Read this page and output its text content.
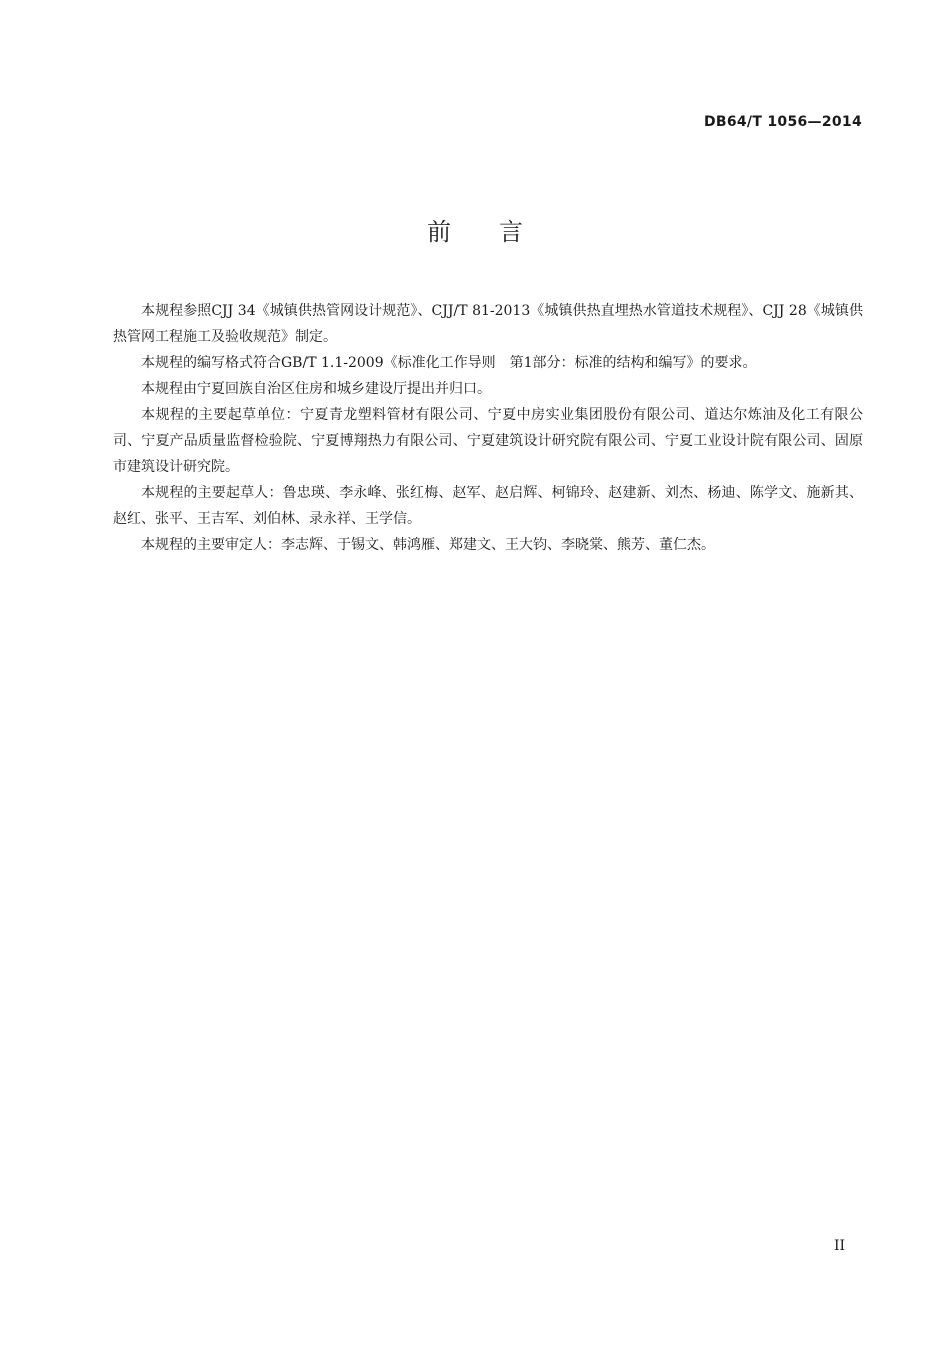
DB64/T 1056—2014
前言

本规程参照CJJ 34《城镇供热管网设计规范》、CJJ/T 81-2013《城镇供热直埋热水管道技术规程》、CJJ 28《城镇供热管网工程施工及验收规范》制定。

本规程的编写格式符合GB/T 1.1-2009《标准化工作导则　第1部分：标准的结构和编写》的要求。

本规程由宁夏回族自治区住房和城乡建设厅提出并归口。

本规程的主要起草单位：宁夏青龙塑料管材有限公司、宁夏中房实业集团股份有限公司、道达尔炼油及化工有限公司、宁夏产品质量监督检验院、宁夏博翔热力有限公司、宁夏建筑设计研究院有限公司、宁夏工业设计院有限公司、固原市建筑设计研究院。

本规程的主要起草人：鲁忠瑛、李永峰、张红梅、赵军、赵启辉、柯锦玲、赵建新、刘杰、杨迪、陈学文、施新其、赵红、张平、王吉军、刘伯林、录永祥、王学信。

本规程的主要审定人：李志辉、于锡文、韩鸿雁、郑建文、王大钧、李晓棠、熊芳、董仁杰。

II
